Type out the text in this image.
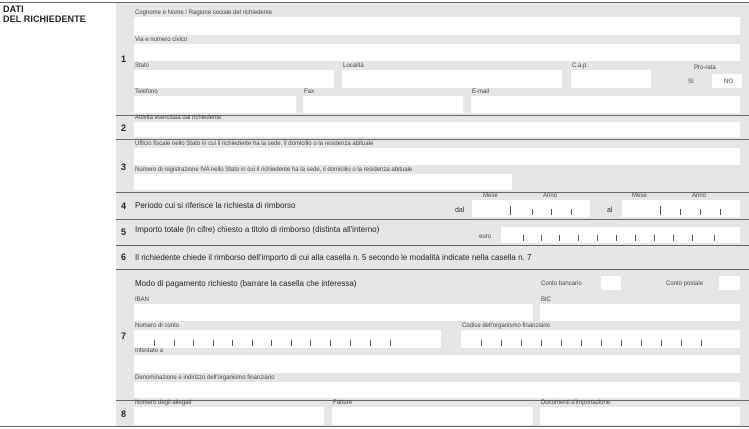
DATI
DEL RICHIEDENTE
1
Cognome e Nome / Ragione sociale del richiedente
Via e numero civico
Stato	Località	C.a.p.	Pro-rata
SI	NO
Telefono	Fax	E-mail
2
Attività esercitata dal richiedente
3
Ufficio fiscale nello Stato in cui il richiedente ha la sede, il domicilio o la residenza abituale
Numero di registrazione IVA nello Stato in cui il richiedente ha la sede, il domicilio o la residenza abituale
4 Periodo cui si riferisce la richiesta di rimborso
Mese	Anno	Mese	Anno
dal	al
5 Importo totale (in cifre) chiesto a titolo di rimborso (distinta all'interno)
euro
6 Il richiedente chiede il rimborso dell'importo di cui alla casella n. 5 secondo le modalità indicate nella casella n. 7
7
Modo di pagamento richiesto (barrare la casella che interessa)	Conto bancario	Conto postale
IBAN	BIC
Numero di conto	Codice dell'organismo finanziario
Intestato a
Denominazione e indirizzo dell'organismo finanziario
8
Numero degli allegati	Fatture	Documenti d'importazione
